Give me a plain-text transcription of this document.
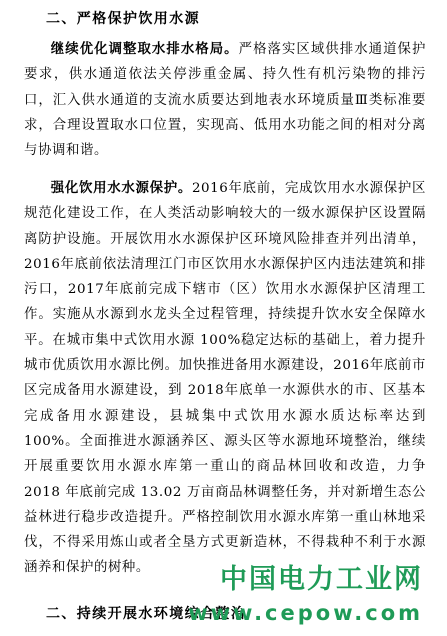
二、严格保护饮用水源
继续优化调整取水排水格局。严格落实区域供排水通道保护要求，供水通道依法关停涉重金属、持久性有机污染物的排污口，汇入供水通道的支流水质要达到地表水环境质量Ⅲ类标准要求，合理设置取水口位置，实现高、低用水功能之间的相对分离与协调和谐。
强化饮用水水源保护。2016年底前，完成饮用水水源保护区规范化建设工作，在人类活动影响较大的一级水源保护区设置隔离防护设施。开展饮用水水源保护区环境风险排查并列出清单，2016年底前依法清理江门市区饮用水水源保护区内违法建筑和排污口，2017年底前完成下辖市（区）饮用水水源保护区清理工作。实施从水源到水龙头全过程管理，持续提升饮水安全保障水平。在城市集中式饮用水源 100%稳定达标的基础上，着力提升城市优质饮用水源比例。加快推进备用水源建设，2016年底前市区完成备用水源建设，到 2018年底单一水源供水的市、区基本完成备用水源建设，县城集中式饮用水源水质达标率达到 100%。全面推进水源涵养区、源头区等水源地环境整治，继续开展重要饮用水源水库第一重山的商品林回收和改造，力争 2018 年底前完成 13.02 万亩商品林调整任务，并对新增生态公益林进行稳步改造提升。严格控制饮用水源水库第一重山林地采伐，不得采用炼山或者全垦方式更新造林，不得栽种不利于水源涵养和保护的树种。
二、持续开展水环境综合整治
中国电力工业网
www.cepow.com
